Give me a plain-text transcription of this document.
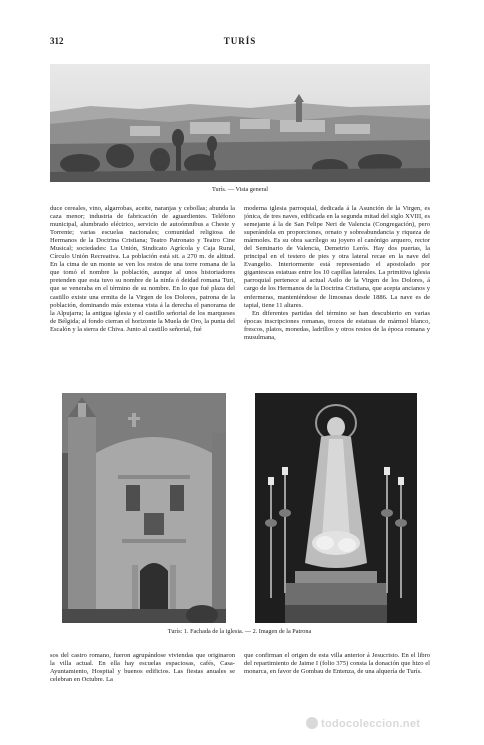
312	TURÍS
Turís. — Vista general

duce cereales, vino, algarrobas, aceite, naranjas y cebollas; abunda la caza menor; industria de fabricación de aguardientes. Teléfono municipal, alumbrado eléctrico, servicio de autoómnibus a Cheste y Torrente; varias escuelas nacionales; comunidad religiosa de Hermanos de la Doctrina Cristiana; Teatro Patronato y Teatro Cine Musical; sociedades: La Unión, Sindicato Agrícola y Caja Rural, Círculo Unión Recreativa. La población está sit. a 270 m. de altitud. En la cima de un monte se ven los restos de una torre romana de la que tomó el nombre la población, aunque al unos historiadores pretenden que esta tuvo su nombre de la ninfa ó deidad romana Turi, que se veneraba en el término de su nombre. En lo que fué plaza del castillo existe una ermita de la Virgen de los Dolores, patrona de la población, dominando más extensa vista á la derecha el panorama de la Alpujarra; la antigua iglesia y el castillo señorial de los marqueses de Bélgida; al fondo cierran el horizonte la Muela de Oro, la punta del Escalón y la sierra de Chiva. Junto al castillo señorial, fué

moderna iglesia parroquial, dedicada á la Asunción de la Virgen, es jónica, de tres naves, edificada en la segunda mitad del siglo XVIII, es semejante á la de San Felipe Neri de Valencia (Congregación), pero superándola en proporciones, ornato y sobreabundancia y riqueza de mármoles. Es su obra sacrílego su joyero el canónigo arquero, rector del Seminario de Valencia, Demetrio Lerós. Hay dos puertas, la principal en el testero de pies y otra lateral recae en la nave del Evangelio. Interiormente está representado el apostolado por gigantescas estatuas entre los 10 capillas laterales. La primitiva iglesia parroquial pertenece al actual Asilo de la Virgen de los Dolores, á cargo de los Hermanos de la Doctrina Cristiana, que acepta ancianos y enfermeras, manteniéndose de limosnas desde 1886. La nave es de tapial, tiene 11 altares.

En diferentes partidas del término se han descubierto en varias épocas inscripciones romanas, trozos de estatuas de mármol blanco, frescos, platos, monedas, ladrillos y otros restos de la época romana y musulmana,

Turís: 1. Fachada de la iglesia. — 2. Imagen de la Patrona

sos del castro romano, fueron agrupándose viviendas que originaron la villa actual. En ella hay escuelas espaciosas, cafés, Casa-Ayuntamiento, Hospital y buenos edificios. Las fiestas anuales se celebran en Octubre. La

que confirman el origen de esta villa anterior á Jesucristo. En el libro del repartimiento de Jaime I (folio 375) consta la donación que hizo el monarca, en favor de Gombau de Entenza, de una alquería de Turís.

todocoleccion.net
